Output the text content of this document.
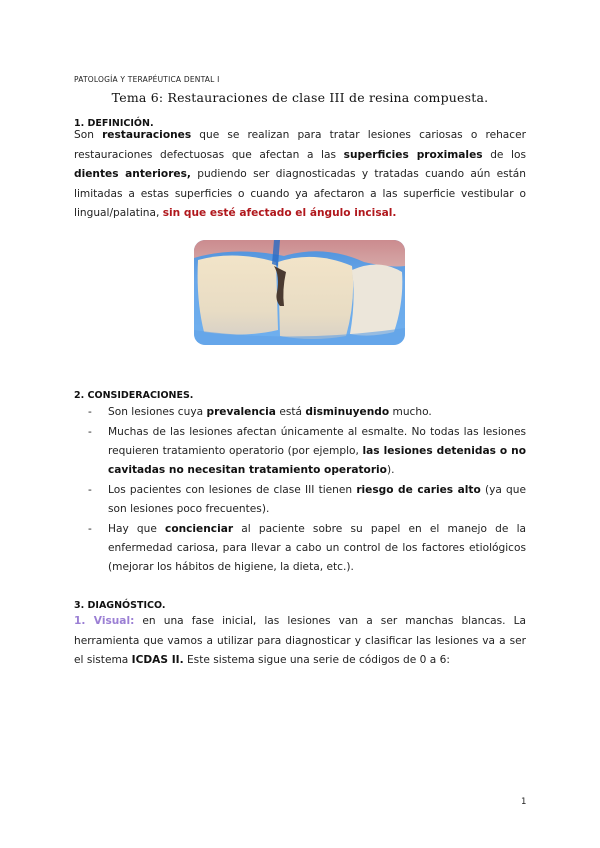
PATOLOGÍA Y TERAPÉUTICA DENTAL I
Tema 6: Restauraciones de clase III de resina compuesta.
1. DEFINICIÓN.

Son restauraciones que se realizan para tratar lesiones cariosas o rehacer restauraciones defectuosas que afectan a las superficies proximales de los dientes anteriores, pudiendo ser diagnosticadas y tratadas cuando aún están limitadas a estas superficies o cuando ya afectaron a las superficie vestibular o lingual/palatina, sin que esté afectado el ángulo incisal.

2. CONSIDERACIONES.
- Son lesiones cuya prevalencia está disminuyendo mucho.
- Muchas de las lesiones afectan únicamente al esmalte. No todas las lesiones requieren tratamiento operatorio (por ejemplo, las lesiones detenidas o no cavitadas no necesitan tratamiento operatorio).
- Los pacientes con lesiones de clase III tienen riesgo de caries alto (ya que son lesiones poco frecuentes).
- Hay que concienciar al paciente sobre su papel en el manejo de la enfermedad cariosa, para llevar a cabo un control de los factores etiológicos (mejorar los hábitos de higiene, la dieta, etc.).
3. DIAGNÓSTICO.

1. Visual: en una fase inicial, las lesiones van a ser manchas blancas. La herramienta que vamos a utilizar para diagnosticar y clasificar las lesiones va a ser el sistema ICDAS II. Este sistema sigue una serie de códigos de 0 a 6:

1
